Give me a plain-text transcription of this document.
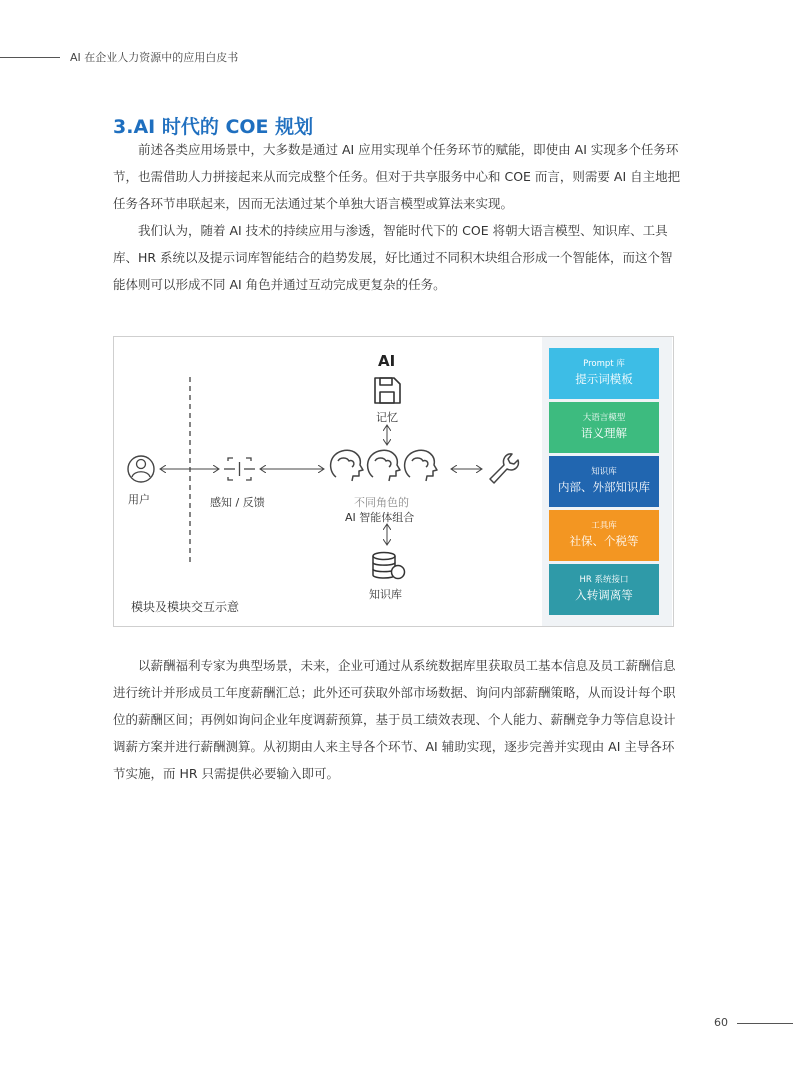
AI 在企业人力资源中的应用白皮书
3.AI 时代的 COE 规划

前述各类应用场景中，大多数是通过 AI 应用实现单个任务环节的赋能，即使由 AI 实现多个任务环节，也需借助人力拼接起来从而完成整个任务。但对于共享服务中心和 COE 而言，则需要 AI 自主地把任务各环节串联起来，因而无法通过某个单独大语言模型或算法来实现。

我们认为，随着 AI 技术的持续应用与渗透，智能时代下的 COE 将朝大语言模型、知识库、工具库、HR 系统以及提示词库智能结合的趋势发展，好比通过不同积木块组合形成一个智能体，而这个智能体则可以形成不同 AI 角色并通过互动完成更复杂的任务。

AI
记忆
用户	感知 / 反馈	不同角色的
AI 智能体组合
知识库
模块及模块交互示意
Prompt 库
提示词模板
大语言模型
语义理解
知识库
内部、外部知识库
工具库
社保、个税等
HR 系统接口
入转调离等

以薪酬福利专家为典型场景，未来，企业可通过从系统数据库里获取员工基本信息及员工薪酬信息进行统计并形成员工年度薪酬汇总；此外还可获取外部市场数据、询问内部薪酬策略，从而设计每个职位的薪酬区间；再例如询问企业年度调薪预算，基于员工绩效表现、个人能力、薪酬竞争力等信息设计调薪方案并进行薪酬测算。从初期由人来主导各个环节、AI 辅助实现，逐步完善并实现由 AI 主导各环节实施，而 HR 只需提供必要输入即可。

60
